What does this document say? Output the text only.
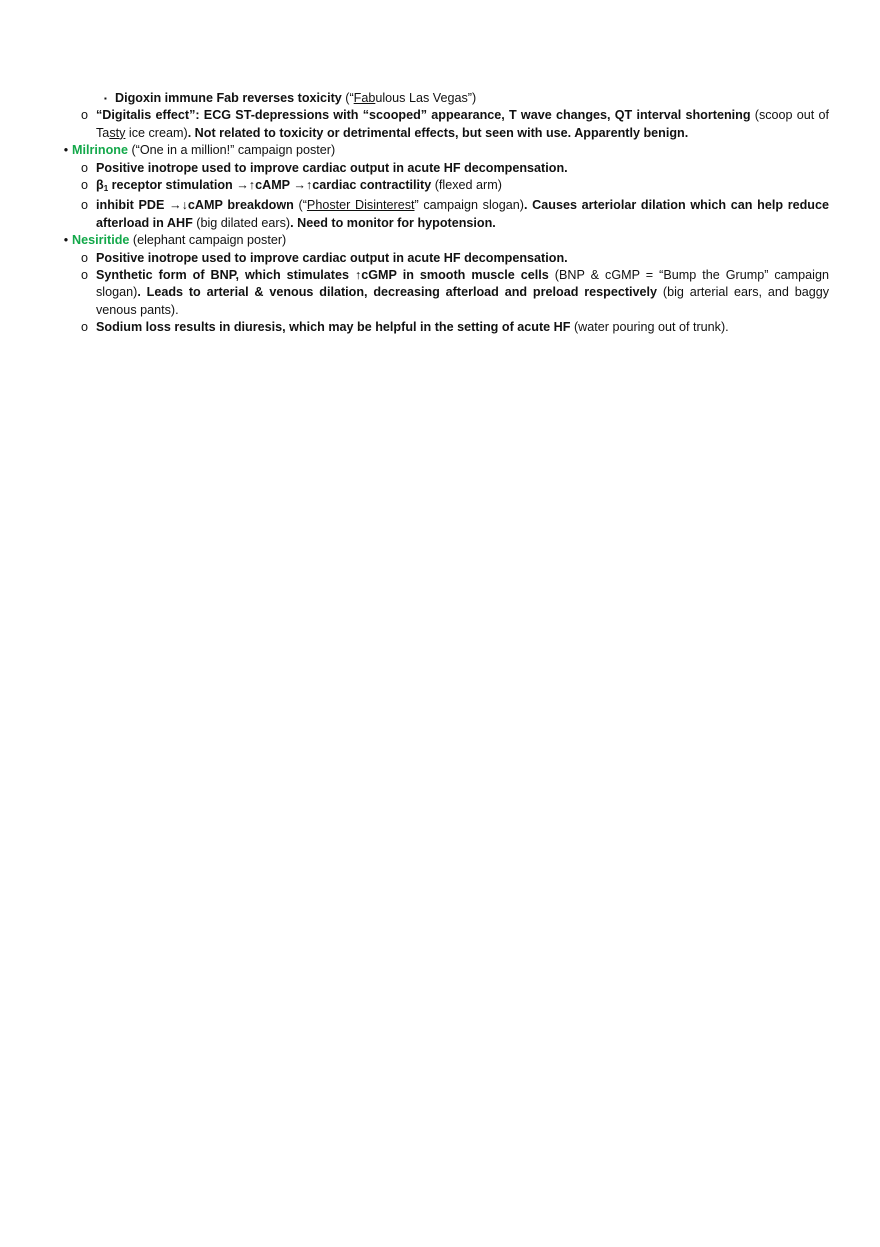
▪ Digoxin immune Fab reverses toxicity (“Fabulous Las Vegas”)
o “Digitalis effect”: ECG ST-depressions with “scooped” appearance, T wave changes, QT interval shortening (scoop out of Tasty ice cream). Not related to toxicity or detrimental effects, but seen with use. Apparently benign.
• Milrinone (“One in a million!” campaign poster)
o Positive inotrope used to improve cardiac output in acute HF decompensation.
o $\beta_1$ receptor stimulation →↑cAMP →↑cardiac contractility (flexed arm)
o inhibit PDE →↓cAMP breakdown (“Phoster Disinterest” campaign slogan). Causes arteriolar dilation which can help reduce afterload in AHF (big dilated ears). Need to monitor for hypotension.
• Nesiritide (elephant campaign poster)
o Positive inotrope used to improve cardiac output in acute HF decompensation.
o Synthetic form of BNP, which stimulates ↑cGMP in smooth muscle cells (BNP & cGMP = “Bump the Grump” campaign slogan). Leads to arterial & venous dilation, decreasing afterload and preload respectively (big arterial ears, and baggy venous pants).
o Sodium loss results in diuresis, which may be helpful in the setting of acute HF (water pouring out of trunk).
